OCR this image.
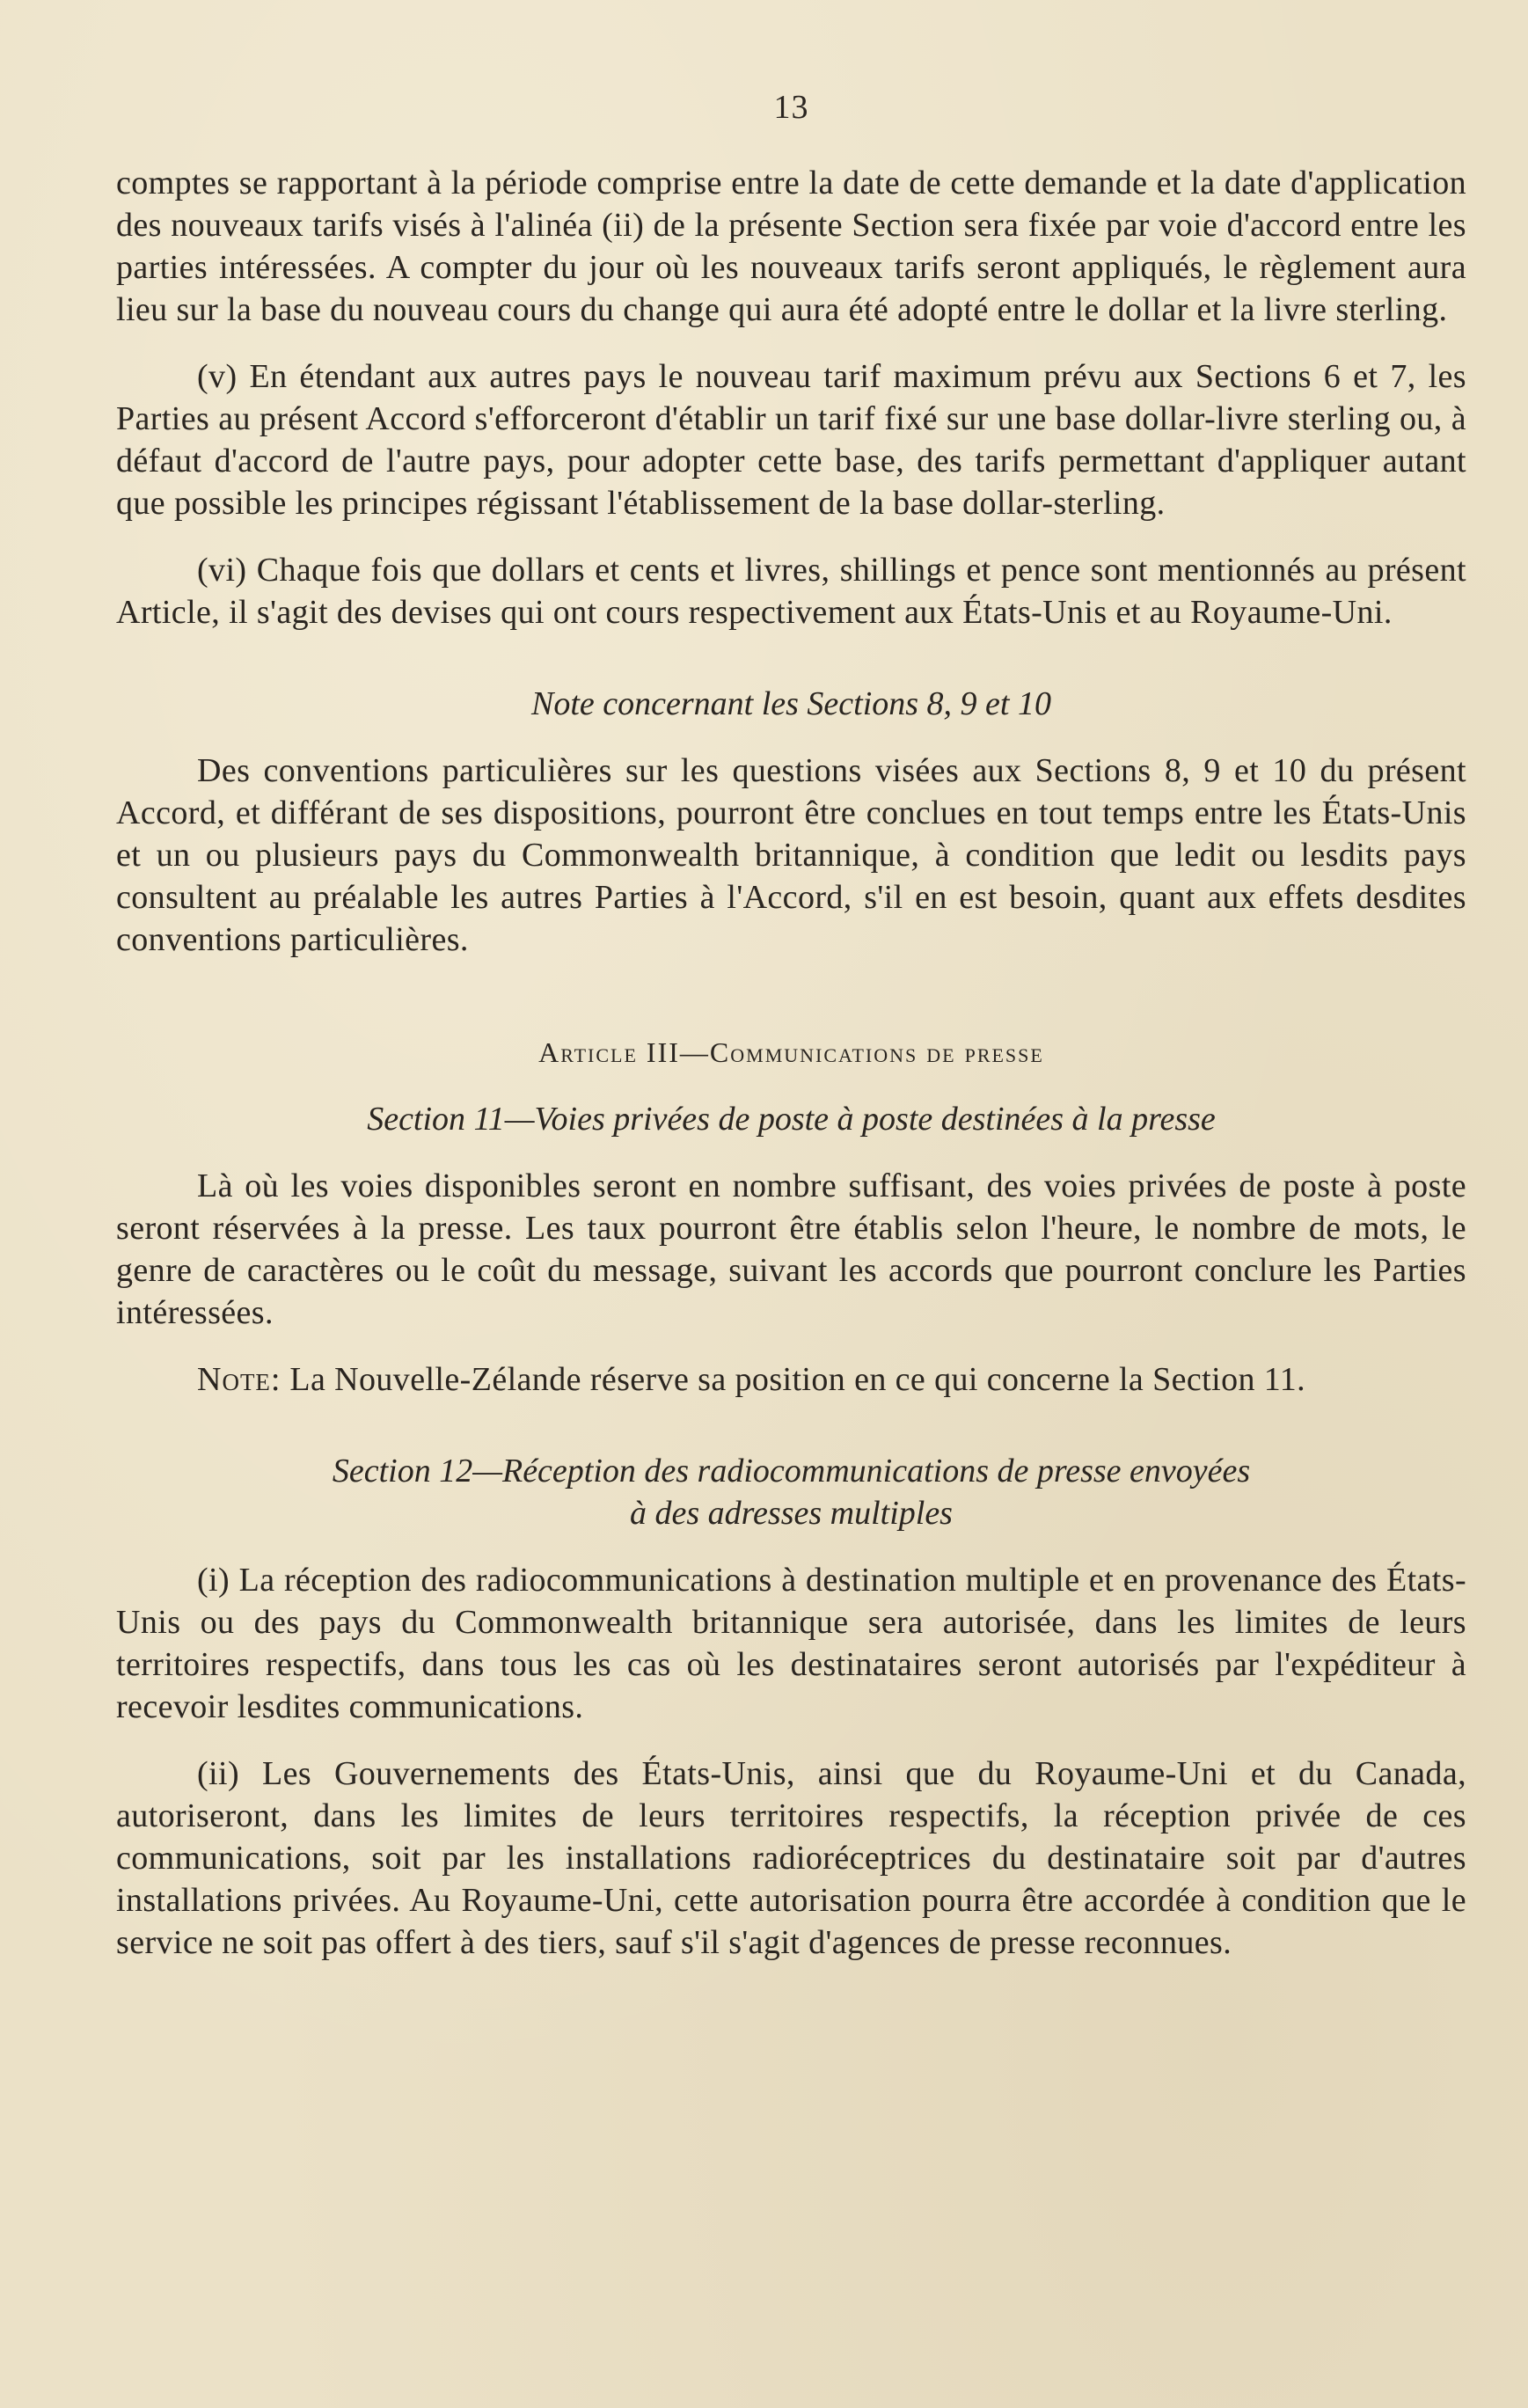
13

comptes se rapportant à la période comprise entre la date de cette demande et la date d'application des nouveaux tarifs visés à l'alinéa (ii) de la présente Section sera fixée par voie d'accord entre les parties intéressées. A compter du jour où les nouveaux tarifs seront appliqués, le règlement aura lieu sur la base du nouveau cours du change qui aura été adopté entre le dollar et la livre sterling.

(v) En étendant aux autres pays le nouveau tarif maximum prévu aux Sections 6 et 7, les Parties au présent Accord s'efforceront d'établir un tarif fixé sur une base dollar-livre sterling ou, à défaut d'accord de l'autre pays, pour adopter cette base, des tarifs permettant d'appliquer autant que possible les principes régissant l'établissement de la base dollar-sterling.

(vi) Chaque fois que dollars et cents et livres, shillings et pence sont mentionnés au présent Article, il s'agit des devises qui ont cours respectivement aux États-Unis et au Royaume-Uni.

Note concernant les Sections 8, 9 et 10

Des conventions particulières sur les questions visées aux Sections 8, 9 et 10 du présent Accord, et différant de ses dispositions, pourront être conclues en tout temps entre les États-Unis et un ou plusieurs pays du Commonwealth britannique, à condition que ledit ou lesdits pays consultent au préalable les autres Parties à l'Accord, s'il en est besoin, quant aux effets desdites conventions particulières.

Article III—Communications de presse
Section 11—Voies privées de poste à poste destinées à la presse

Là où les voies disponibles seront en nombre suffisant, des voies privées de poste à poste seront réservées à la presse. Les taux pourront être établis selon l'heure, le nombre de mots, le genre de caractères ou le coût du message, suivant les accords que pourront conclure les Parties intéressées.

Note: La Nouvelle-Zélande réserve sa position en ce qui concerne la Section 11.

Section 12—Réception des radiocommunications de presse envoyées
à des adresses multiples

(i) La réception des radiocommunications à destination multiple et en provenance des États-Unis ou des pays du Commonwealth britannique sera autorisée, dans les limites de leurs territoires respectifs, dans tous les cas où les destinataires seront autorisés par l'expéditeur à recevoir lesdites communications.

(ii) Les Gouvernements des États-Unis, ainsi que du Royaume-Uni et du Canada, autoriseront, dans les limites de leurs territoires respectifs, la réception privée de ces communications, soit par les installations radioréceptrices du destinataire soit par d'autres installations privées. Au Royaume-Uni, cette autorisation pourra être accordée à condition que le service ne soit pas offert à des tiers, sauf s'il s'agit d'agences de presse reconnues.
